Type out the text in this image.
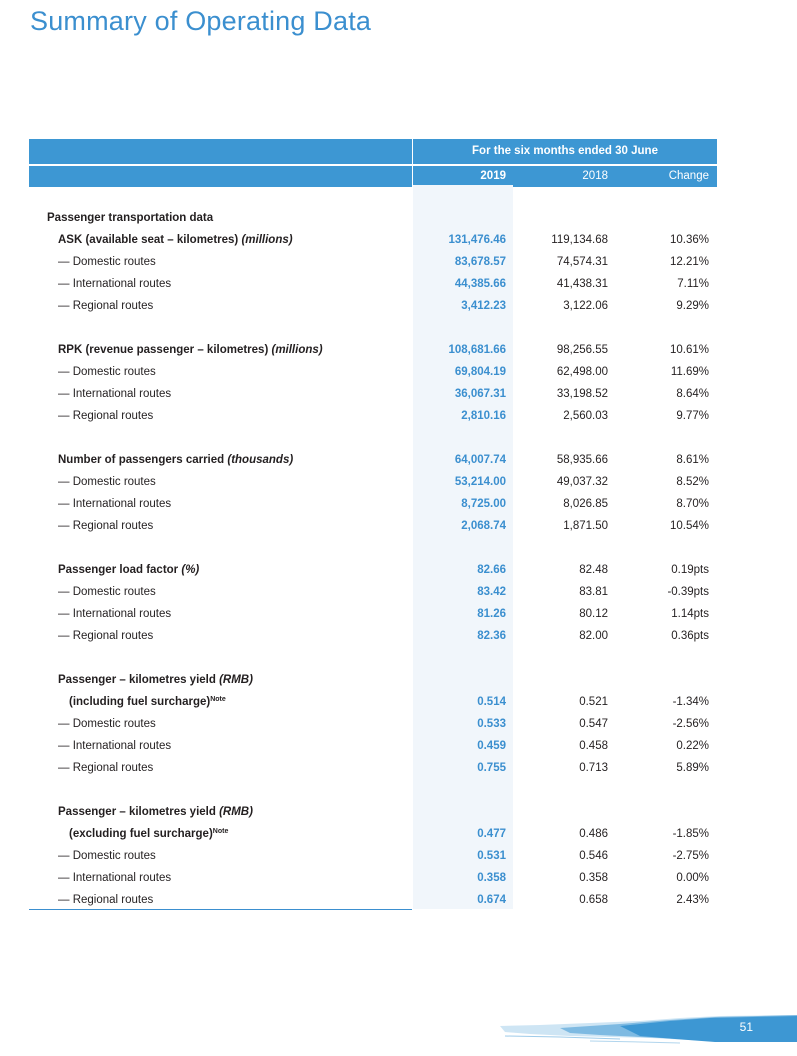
Summary of Operating Data
For the six months ended 30 June
2019	2018	Change
Passenger transportation data
ASK (available seat – kilometres) (millions)	131,476.46	119,134.68	10.36%
— Domestic routes	83,678.57	74,574.31	12.21%
— International routes	44,385.66	41,438.31	7.11%
— Regional routes	3,412.23	3,122.06	9.29%
RPK (revenue passenger – kilometres) (millions)	108,681.66	98,256.55	10.61%
— Domestic routes	69,804.19	62,498.00	11.69%
— International routes	36,067.31	33,198.52	8.64%
— Regional routes	2,810.16	2,560.03	9.77%
Number of passengers carried (thousands)	64,007.74	58,935.66	8.61%
— Domestic routes	53,214.00	49,037.32	8.52%
— International routes	8,725.00	8,026.85	8.70%
— Regional routes	2,068.74	1,871.50	10.54%
Passenger load factor (%)	82.66	82.48	0.19pts
— Domestic routes	83.42	83.81	-0.39pts
— International routes	81.26	80.12	1.14pts
— Regional routes	82.36	82.00	0.36pts
Passenger – kilometres yield (RMB)
(including fuel surcharge)$^{Note}$	0.514	0.521	-1.34%
— Domestic routes	0.533	0.547	-2.56%
— International routes	0.459	0.458	0.22%
— Regional routes	0.755	0.713	5.89%
Passenger – kilometres yield (RMB)
(excluding fuel surcharge)$^{Note}$	0.477	0.486	-1.85%
— Domestic routes	0.531	0.546	-2.75%
— International routes	0.358	0.358	0.00%
— Regional routes	0.674	0.658	2.43%
51
